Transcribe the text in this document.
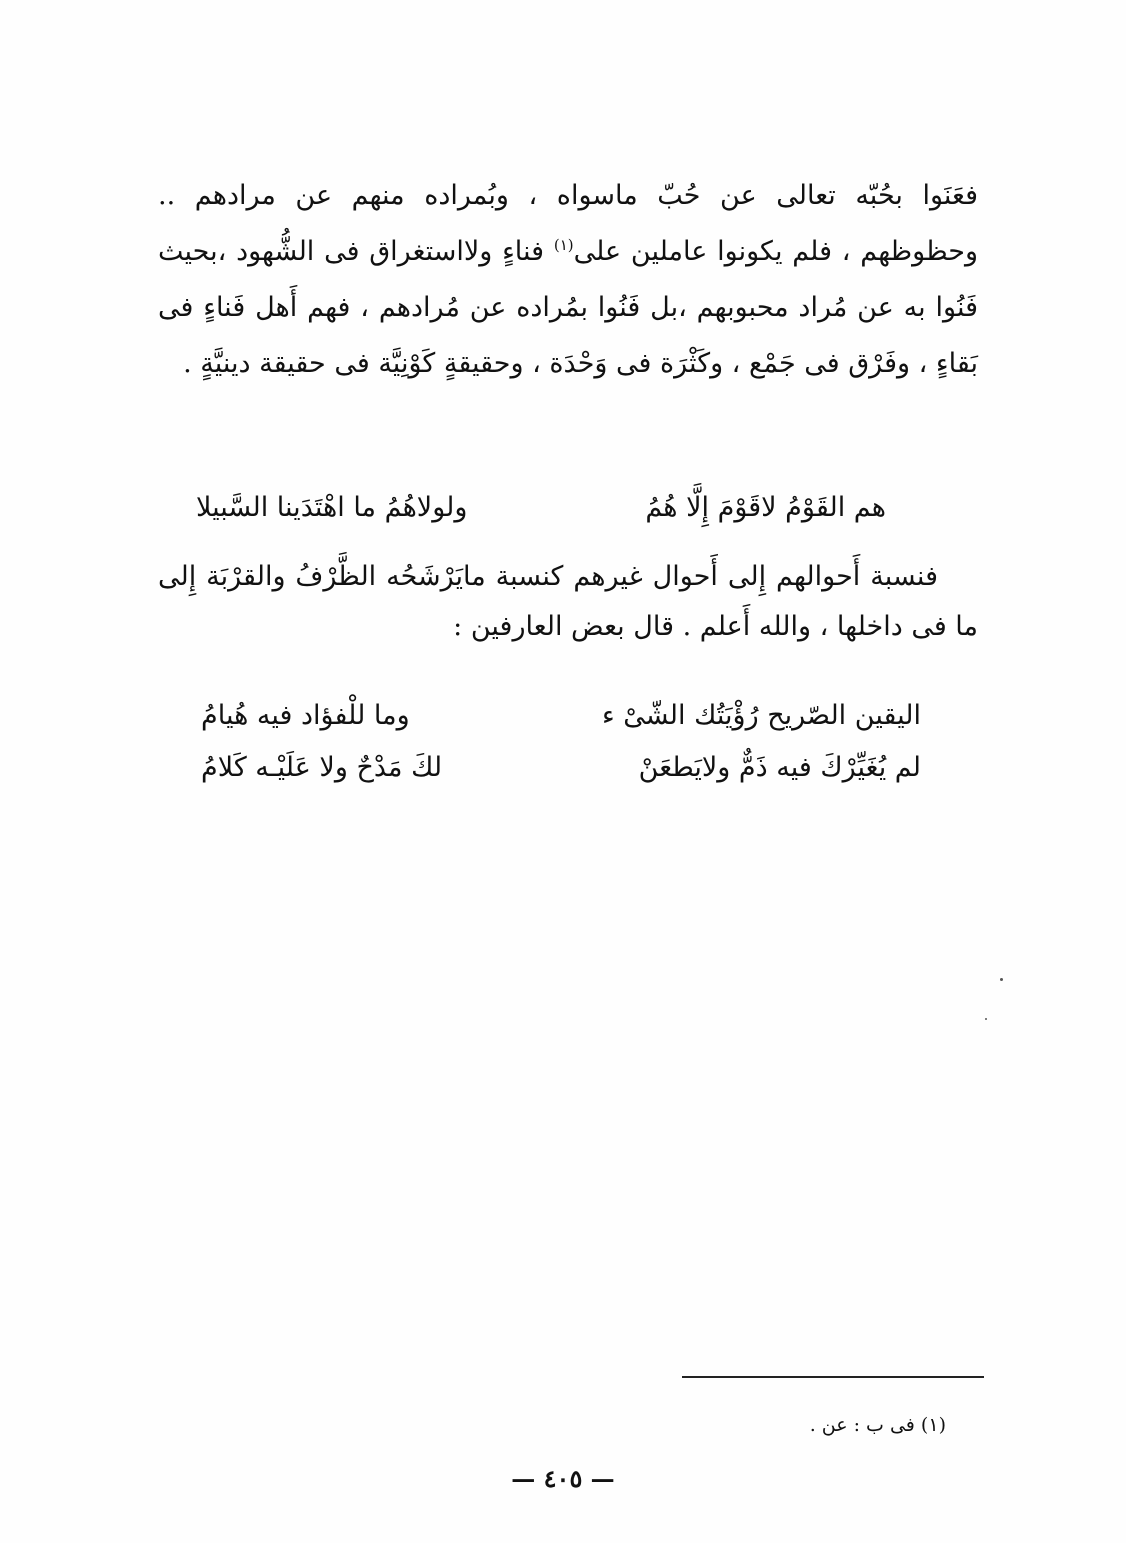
فعَنَوا بحُبّه تعالى عن حُبّ ماسواه ، وبُمراده منهم عن مرادهم .. وحظوظهم ، فلم يكونوا عاملين على$^{(١)}$ فناءٍ ولااستغراق فى الشُّهود ،بحيث فَنُوا به عن مُراد محبوبهم ،بل فَنُوا بمُراده عن مُرادهم ، فهم أَهل فَناءٍ فى بَقاءٍ ، وفَرْق فى جَمْع ، وكَثْرَة فى وَحْدَة ، وحقيقةٍ كَوْنِيَّة فى حقيقة دينيَّةٍ .

هم القَوْمُ لاقَوْمَ إِلَّا هُمُ
ولولاهُمُ ما اهْتَدَينا السَّبيلا

فنسبة أَحوالهم إِلى أَحوال غيرهم كنسبة مايَرْشَحُه الظَّرْفُ والقرْبَة إِلى ما فى داخلها ، والله أَعلم . قال بعض العارفين :

اليقين الصّريح رُؤْيَتُك الشّىْ ء
وما للْفؤاد فيه هُيامُ
لم يُغَيِّرْكَ فيه ذَمٌّ ولايَطعَنْ
لكَ مَدْحٌ ولا عَلَيْـه كَلامُ
(١) فى ب : عن .
— ٤٠٥ —
